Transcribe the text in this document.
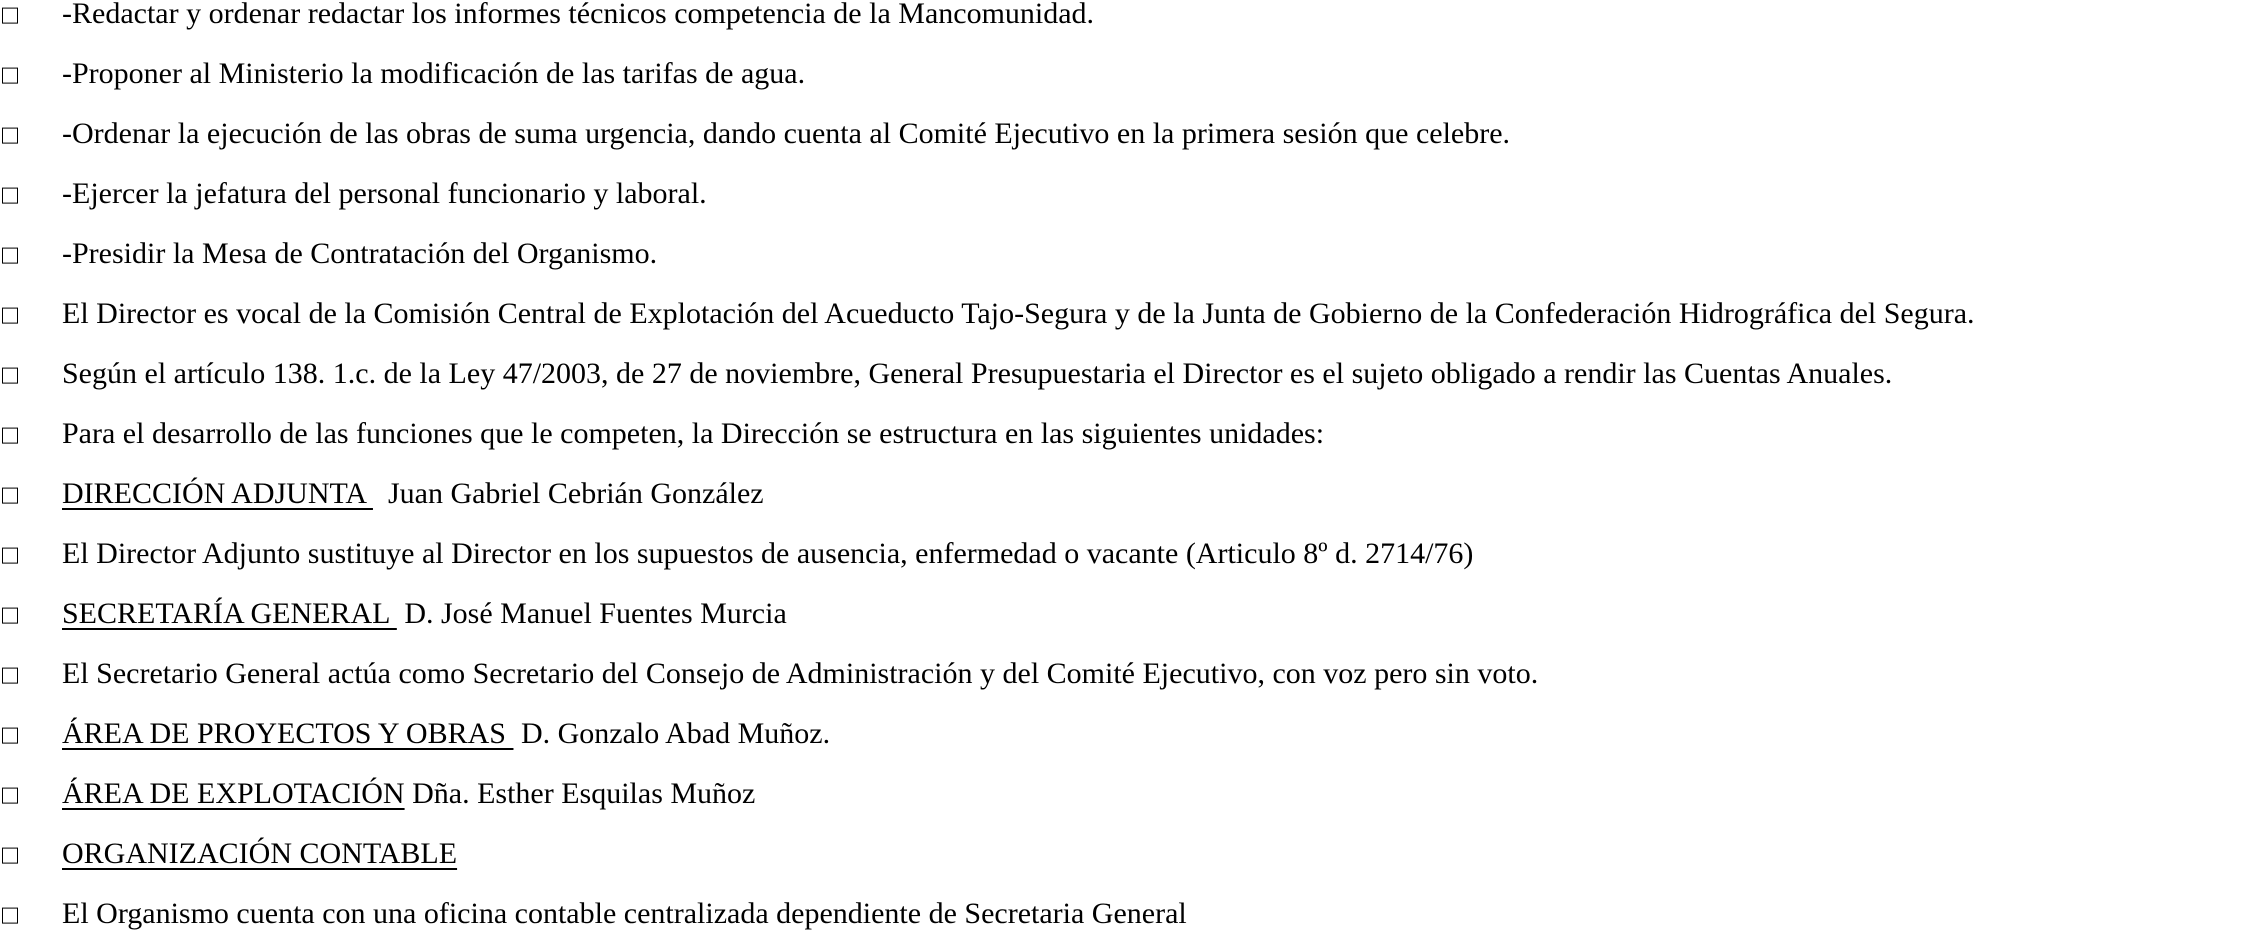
-Redactar y ordenar redactar los informes técnicos competencia de la Mancomunidad.
-Proponer al Ministerio la modificación de las tarifas de agua.
-Ordenar la ejecución de las obras de suma urgencia, dando cuenta al Comité Ejecutivo en la primera sesión que celebre.
-Ejercer la jefatura del personal funcionario y laboral.
-Presidir la Mesa de Contratación del Organismo.
El Director es vocal de la Comisión Central de Explotación del Acueducto Tajo-Segura y de la Junta de Gobierno de la Confederación Hidrográfica del Segura.
Según el artículo 138. 1.c. de la Ley 47/2003, de 27 de noviembre, General Presupuestaria el Director es el sujeto obligado a rendir las Cuentas Anuales.
Para el desarrollo de las funciones que le competen, la Dirección se estructura en las siguientes unidades:
DIRECCIÓN ADJUNTA   Juan Gabriel Cebrián González
El Director Adjunto sustituye al Director en los supuestos de ausencia, enfermedad o vacante (Articulo 8º d. 2714/76)
SECRETARÍA GENERAL  D. José Manuel Fuentes Murcia
El Secretario General actúa como Secretario del Consejo de Administración y del Comité Ejecutivo, con voz pero sin voto.
ÁREA DE PROYECTOS Y OBRAS  D. Gonzalo Abad Muñoz.
ÁREA DE EXPLOTACIÓN Dña. Esther Esquilas Muñoz
ORGANIZACIÓN CONTABLE
El Organismo cuenta con una oficina contable centralizada dependiente de Secretaria General
